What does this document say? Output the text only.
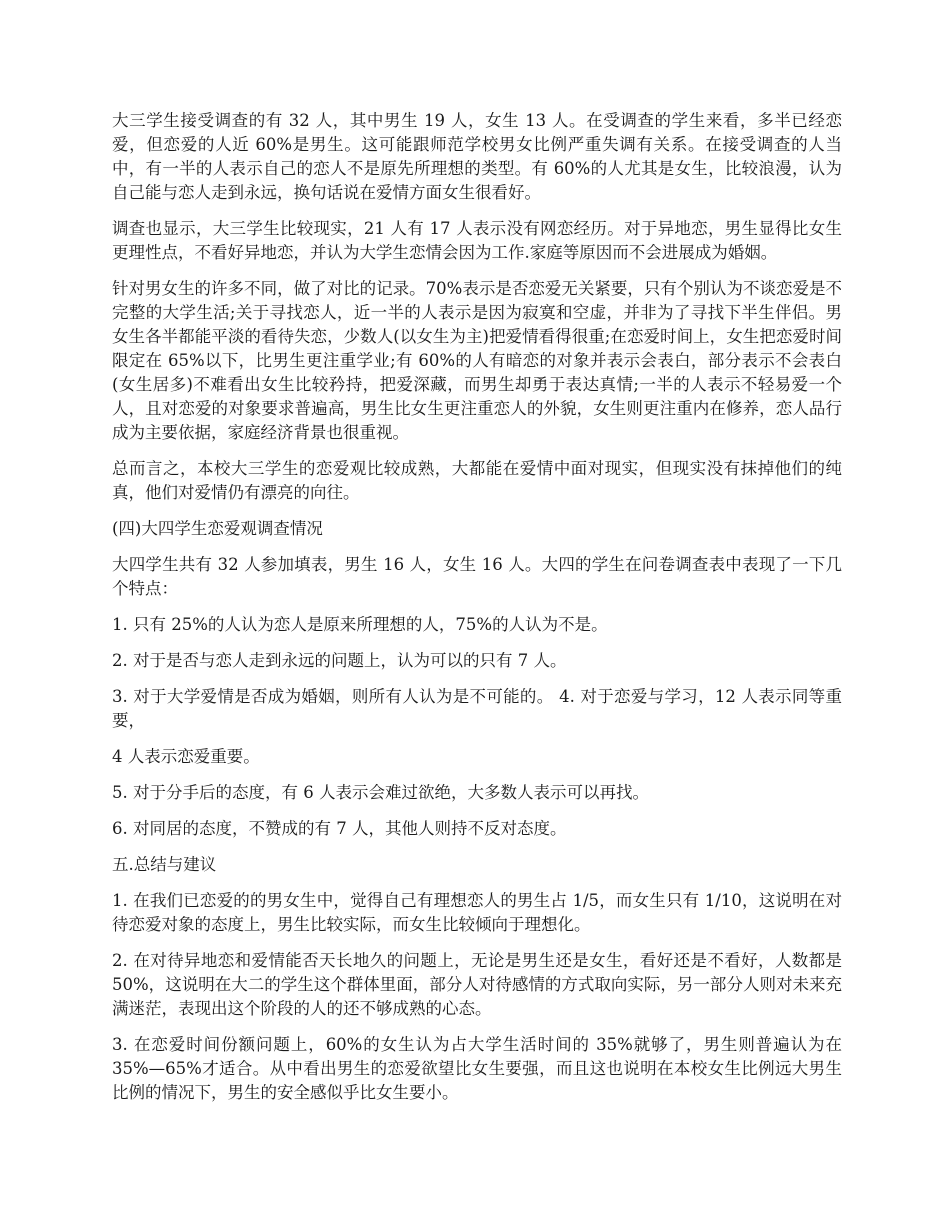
大三学生接受调查的有 32 人，其中男生 19 人，女生 13 人。在受调查的学生来看，多半已经恋爱，但恋爱的人近 60%是男生。这可能跟师范学校男女比例严重失调有关系。在接受调查的人当中，有一半的人表示自己的恋人不是原先所理想的类型。有 60%的人尤其是女生，比较浪漫，认为自己能与恋人走到永远，换句话说在爱情方面女生很看好。

调查也显示，大三学生比较现实，21 人有 17 人表示没有网恋经历。对于异地恋，男生显得比女生更理性点，不看好异地恋，并认为大学生恋情会因为工作.家庭等原因而不会进展成为婚姻。

针对男女生的许多不同，做了对比的记录。70%表示是否恋爱无关紧要，只有个别认为不谈恋爱是不完整的大学生活;关于寻找恋人，近一半的人表示是因为寂寞和空虚，并非为了寻找下半生伴侣。男女生各半都能平淡的看待失恋，少数人(以女生为主)把爱情看得很重;在恋爱时间上，女生把恋爱时间限定在 65%以下，比男生更注重学业;有 60%的人有暗恋的对象并表示会表白，部分表示不会表白(女生居多)不难看出女生比较矜持，把爱深藏，而男生却勇于表达真情;一半的人表示不轻易爱一个人，且对恋爱的对象要求普遍高，男生比女生更注重恋人的外貌，女生则更注重内在修养，恋人品行成为主要依据，家庭经济背景也很重视。

总而言之，本校大三学生的恋爱观比较成熟，大都能在爱情中面对现实，但现实没有抹掉他们的纯真，他们对爱情仍有漂亮的向往。

(四)大四学生恋爱观调查情况

大四学生共有 32 人参加填表，男生 16 人，女生 16 人。大四的学生在问卷调查表中表现了一下几个特点：

1. 只有 25%的人认为恋人是原来所理想的人，75%的人认为不是。

2. 对于是否与恋人走到永远的问题上，认为可以的只有 7 人。

3. 对于大学爱情是否成为婚姻，则所有人认为是不可能的。 4. 对于恋爱与学习，12 人表示同等重要，

4 人表示恋爱重要。

5. 对于分手后的态度，有 6 人表示会难过欲绝，大多数人表示可以再找。

6. 对同居的态度，不赞成的有 7 人，其他人则持不反对态度。

五.总结与建议

1. 在我们已恋爱的的男女生中，觉得自己有理想恋人的男生占 1/5，而女生只有 1/10，这说明在对待恋爱对象的态度上，男生比较实际，而女生比较倾向于理想化。

2. 在对待异地恋和爱情能否天长地久的问题上，无论是男生还是女生，看好还是不看好，人数都是 50%，这说明在大二的学生这个群体里面，部分人对待感情的方式取向实际，另一部分人则对未来充满迷茫，表现出这个阶段的人的还不够成熟的心态。

3. 在恋爱时间份额问题上，60%的女生认为占大学生活时间的 35%就够了，男生则普遍认为在 35%—65%才适合。从中看出男生的恋爱欲望比女生要强，而且这也说明在本校女生比例远大男生比例的情况下，男生的安全感似乎比女生要小。
